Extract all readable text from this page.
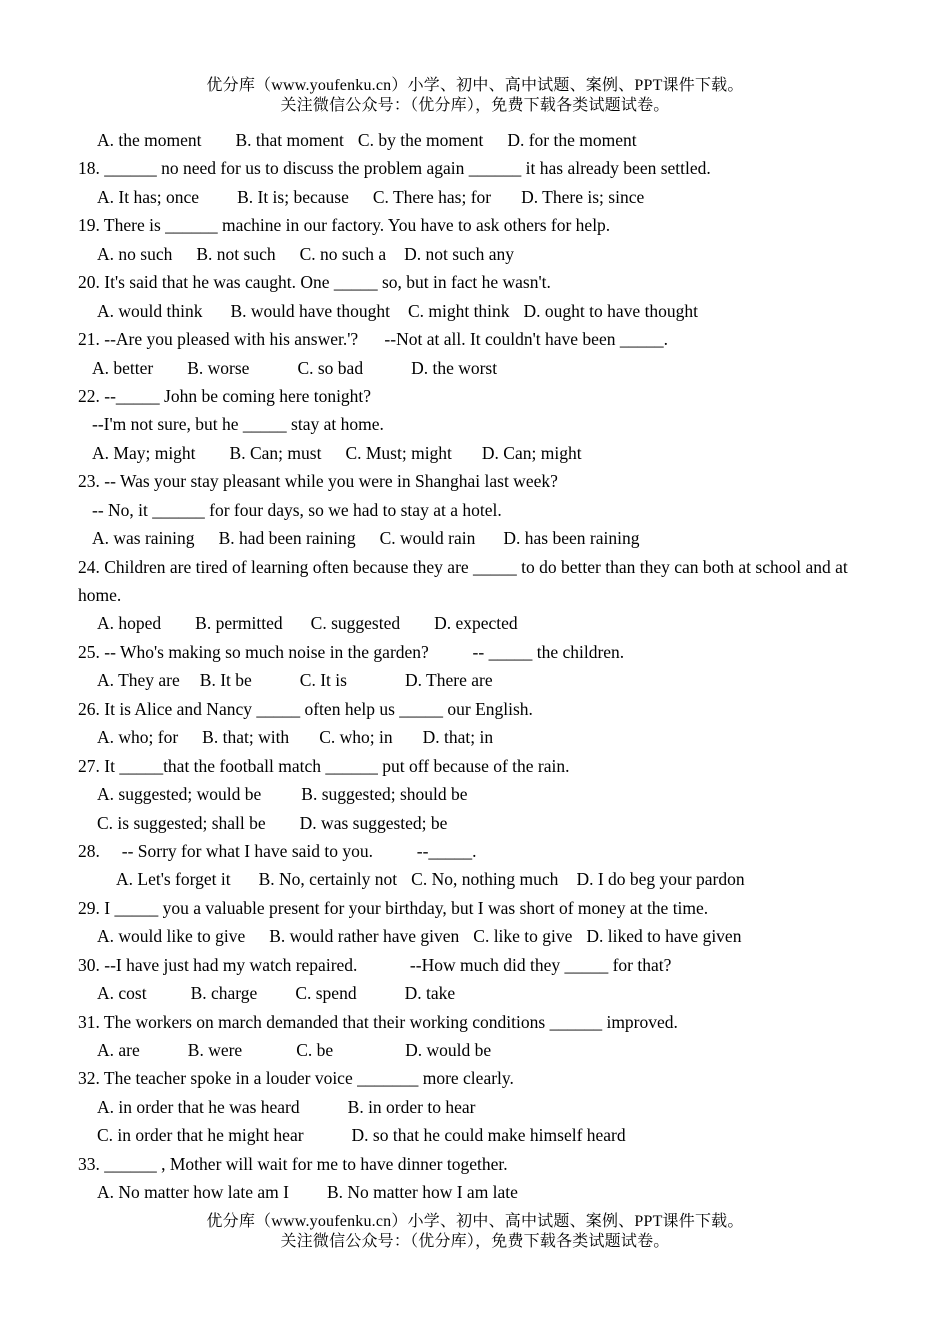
优分库（www.youfenku.cn）小学、初中、高中试题、案例、PPT课件下载。
关注微信公众号：（优分库），免费下载各类试题试卷。
A. the moment B. that moment C. by the moment D. for the moment
18. ______ no need for us to discuss the problem again ______ it has already been settled.
A. It has; once B. It is; because C. There has; for D. There is; since
19. There is ______ machine in our factory. You have to ask others for help.
A. no such B. not such C. no such a D. not such any
20. It's said that he was caught. One _____ so, but in fact he wasn't.
A. would think B. would have thought C. might think D. ought to have thought
21. --Are you pleased with his answer.'?      --Not at all. It couldn't have been _____.
A. better B. worse	C. so bad	D. the worst
22. --_____ John be coming here tonight?
--I'm not sure, but he _____ stay at home.
A. May; might B. Can; must C. Must; might D. Can; might
23. -- Was your stay pleasant while you were in Shanghai last week?
-- No, it ______ for four days, so we had to stay at a hotel.
A. was raining B. had been raining C. would rain D. has been raining
24. Children are tired of learning often because they are _____ to do better than they can both at school and at home.
A. hoped B. permitted C. suggested D. expected
25. -- Who's making so much noise in the garden?          -- _____ the children.
A. They are B. It be	C. It is	D. There are
26. It is Alice and Nancy _____ often help us _____ our English.
A. who; for B. that; with C. who; in D. that; in
27. It _____that the football match ______ put off because of the rain.
A. suggested; would be B. suggested; should be
C. is suggested; shall be D. was suggested; be
28.     -- Sorry for what I have said to you.          --_____.
A. Let's forget it B. No, certainly not C. No, nothing much D. I do beg your pardon
29. I _____ you a valuable present for your birthday, but I was short of money at the time.
A. would like to give B. would rather have given C. like to give D. liked to have given
30. --I have just had my watch repaired.            --How much did they _____ for that?
A. cost	B. charge C. spend	D. take
31. The workers on march demanded that their working conditions ______ improved.
A. are	B. were	C. be	D. would be
32. The teacher spoke in a louder voice _______ more clearly.
A. in order that he was heard	B. in order to hear
C. in order that he might hear	D. so that he could make himself heard
33. ______ , Mother will wait for me to have dinner together.
A. No matter how late am I B. No matter how I am late
优分库（www.youfenku.cn）小学、初中、高中试题、案例、PPT课件下载。
关注微信公众号：（优分库），免费下载各类试题试卷。
